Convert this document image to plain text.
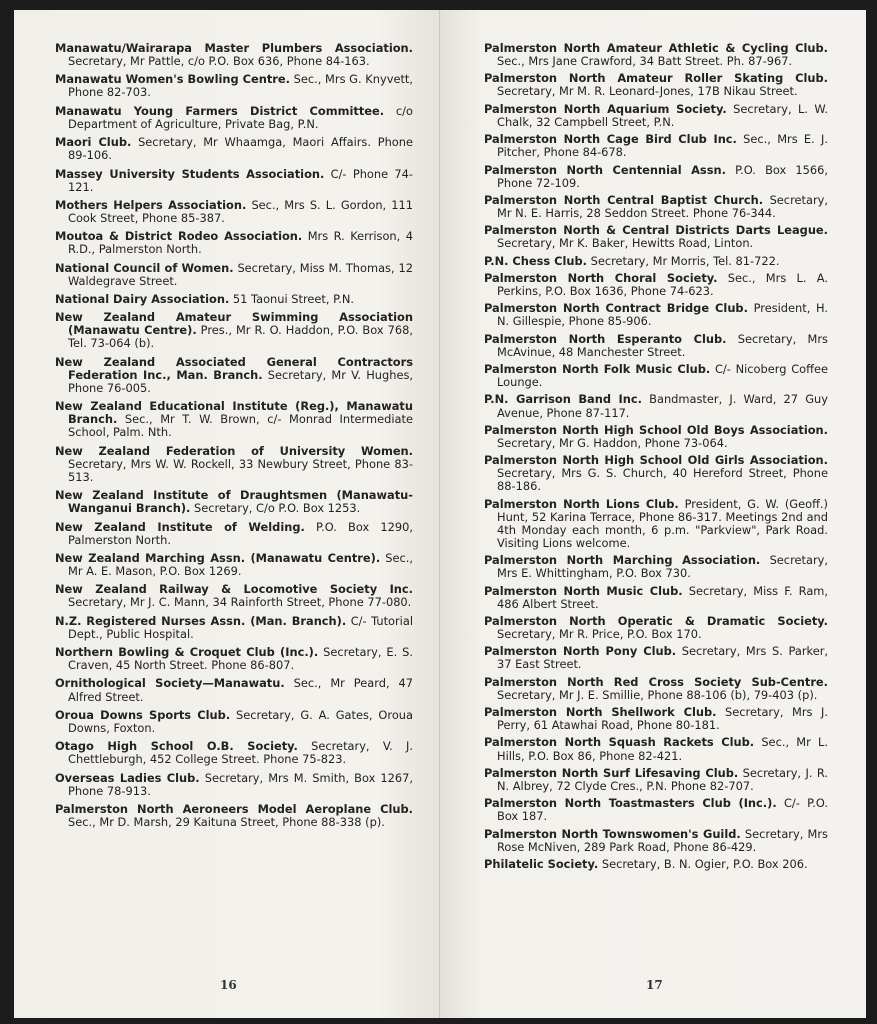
Manawatu/Wairarapa Master Plumbers Association. Secretary, Mr Pattle, c/o P.O. Box 636, Phone 84-163.

Manawatu Women's Bowling Centre. Sec., Mrs G. Knyvett, Phone 82-703.

Manawatu Young Farmers District Committee. c/o Department of Agriculture, Private Bag, P.N.

Maori Club. Secretary, Mr Whaamga, Maori Affairs. Phone 89-106.

Massey University Students Association. C/- Phone 74-121.

Mothers Helpers Association. Sec., Mrs S. L. Gordon, 111 Cook Street, Phone 85-387.

Moutoa & District Rodeo Association. Mrs R. Kerrison, 4 R.D., Palmerston North.

National Council of Women. Secretary, Miss M. Thomas, 12 Waldegrave Street.

National Dairy Association. 51 Taonui Street, P.N.

New Zealand Amateur Swimming Association (Manawatu Centre). Pres., Mr R. O. Haddon, P.O. Box 768, Tel. 73-064 (b).

New Zealand Associated General Contractors Federation Inc., Man. Branch. Secretary, Mr V. Hughes, Phone 76-005.

New Zealand Educational Institute (Reg.), Manawatu Branch. Sec., Mr T. W. Brown, c/- Monrad Intermediate School, Palm. Nth.

New Zealand Federation of University Women. Secretary, Mrs W. W. Rockell, 33 Newbury Street, Phone 83-513.

New Zealand Institute of Draughtsmen (Manawatu-Wanganui Branch). Secretary, C/o P.O. Box 1253.

New Zealand Institute of Welding. P.O. Box 1290, Palmerston North.

New Zealand Marching Assn. (Manawatu Centre). Sec., Mr A. E. Mason, P.O. Box 1269.

New Zealand Railway & Locomotive Society Inc. Secretary, Mr J. C. Mann, 34 Rainforth Street, Phone 77-080.

N.Z. Registered Nurses Assn. (Man. Branch). C/- Tutorial Dept., Public Hospital.

Northern Bowling & Croquet Club (Inc.). Secretary, E. S. Craven, 45 North Street. Phone 86-807.

Ornithological Society—Manawatu. Sec., Mr Peard, 47 Alfred Street.

Oroua Downs Sports Club. Secretary, G. A. Gates, Oroua Downs, Foxton.

Otago High School O.B. Society. Secretary, V. J. Chettleburgh, 452 College Street. Phone 75-823.

Overseas Ladies Club. Secretary, Mrs M. Smith, Box 1267, Phone 78-913.

Palmerston North Aeroneers Model Aeroplane Club. Sec., Mr D. Marsh, 29 Kaituna Street, Phone 88-338 (p).

16

Palmerston North Amateur Athletic & Cycling Club. Sec., Mrs Jane Crawford, 34 Batt Street. Ph. 87-967.

Palmerston North Amateur Roller Skating Club. Secretary, Mr M. R. Leonard-Jones, 17B Nikau Street.

Palmerston North Aquarium Society. Secretary, L. W. Chalk, 32 Campbell Street, P.N.

Palmerston North Cage Bird Club Inc. Sec., Mrs E. J. Pitcher, Phone 84-678.

Palmerston North Centennial Assn. P.O. Box 1566, Phone 72-109.

Palmerston North Central Baptist Church. Secretary, Mr N. E. Harris, 28 Seddon Street. Phone 76-344.

Palmerston North & Central Districts Darts League. Secretary, Mr K. Baker, Hewitts Road, Linton.

P.N. Chess Club. Secretary, Mr Morris, Tel. 81-722.

Palmerston North Choral Society. Sec., Mrs L. A. Perkins, P.O. Box 1636, Phone 74-623.

Palmerston North Contract Bridge Club. President, H. N. Gillespie, Phone 85-906.

Palmerston North Esperanto Club. Secretary, Mrs McAvinue, 48 Manchester Street.

Palmerston North Folk Music Club. C/- Nicoberg Coffee Lounge.

P.N. Garrison Band Inc. Bandmaster, J. Ward, 27 Guy Avenue, Phone 87-117.

Palmerston North High School Old Boys Association. Secretary, Mr G. Haddon, Phone 73-064.

Palmerston North High School Old Girls Association. Secretary, Mrs G. S. Church, 40 Hereford Street, Phone 88-186.

Palmerston North Lions Club. President, G. W. (Geoff.) Hunt, 52 Karina Terrace, Phone 86-317. Meetings 2nd and 4th Monday each month, 6 p.m. "Parkview", Park Road. Visiting Lions welcome.

Palmerston North Marching Association. Secretary, Mrs E. Whittingham, P.O. Box 730.

Palmerston North Music Club. Secretary, Miss F. Ram, 486 Albert Street.

Palmerston North Operatic & Dramatic Society. Secretary, Mr R. Price, P.O. Box 170.

Palmerston North Pony Club. Secretary, Mrs S. Parker, 37 East Street.

Palmerston North Red Cross Society Sub-Centre. Secretary, Mr J. E. Smillie, Phone 88-106 (b), 79-403 (p).

Palmerston North Shellwork Club. Secretary, Mrs J. Perry, 61 Atawhai Road, Phone 80-181.

Palmerston North Squash Rackets Club. Sec., Mr L. Hills, P.O. Box 86, Phone 82-421.

Palmerston North Surf Lifesaving Club. Secretary, J. R. N. Albrey, 72 Clyde Cres., P.N. Phone 82-707.

Palmerston North Toastmasters Club (Inc.). C/- P.O. Box 187.

Palmerston North Townswomen's Guild. Secretary, Mrs Rose McNiven, 289 Park Road, Phone 86-429.

Philatelic Society. Secretary, B. N. Ogier, P.O. Box 206.

17
